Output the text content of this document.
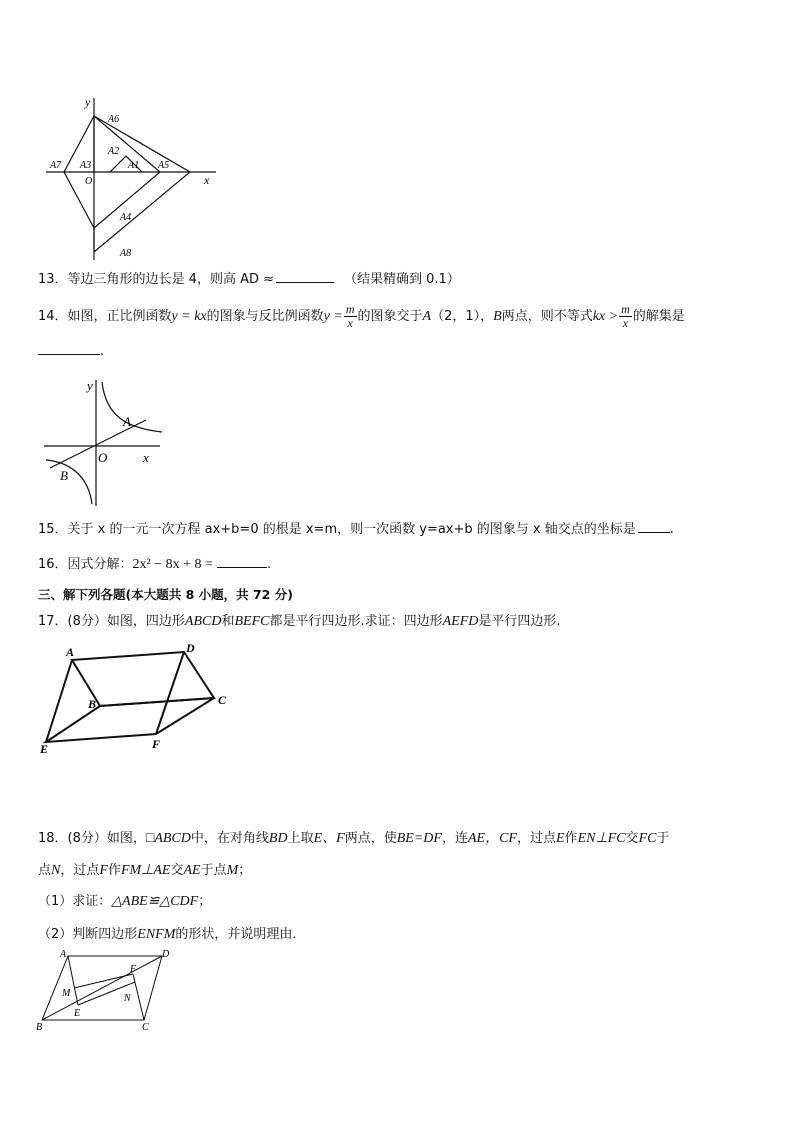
y
x
O
A6
A2
A7 A3	A1 A5
A4
A8
13．等边三角形的边长是 4，则高 AD ≈	（结果精确到 0.1）
14．如图，正比例函数y = kx的图象与反比例函数$y = \frac{m}{x}$ 的图象交于A（2，1），B两点，则不等式kx > $\frac{m}{x}$ 的解集是
.
y
x
O
A
B
15．关于 x 的一元一次方程 ax+b=0 的根是 x=m，则一次函数 y=ax+b 的图象与 x 轴交点的坐标是	.
16．因式分解：2x² − 8x + 8 =	.
三、解下列各题(本大题共 8 小题，共 72 分)
17．(8分）如图，四边形ABCD和BEFC都是平行四边形.求证：四边形AEFD是平行四边形.
A	D
B	C
E	F
18．(8分）如图，□ABCD中，在对角线BD上取E、F两点，使BE=DF，连AE，CF，过点E作EN⊥FC交FC于
点N，过点F作FM⊥AE交AE于点M；
（1）求证：△ABE≌△CDF；
（2）判断四边形ENFM的形状，并说明理由．
A	D
B	C
E
F
M	N
